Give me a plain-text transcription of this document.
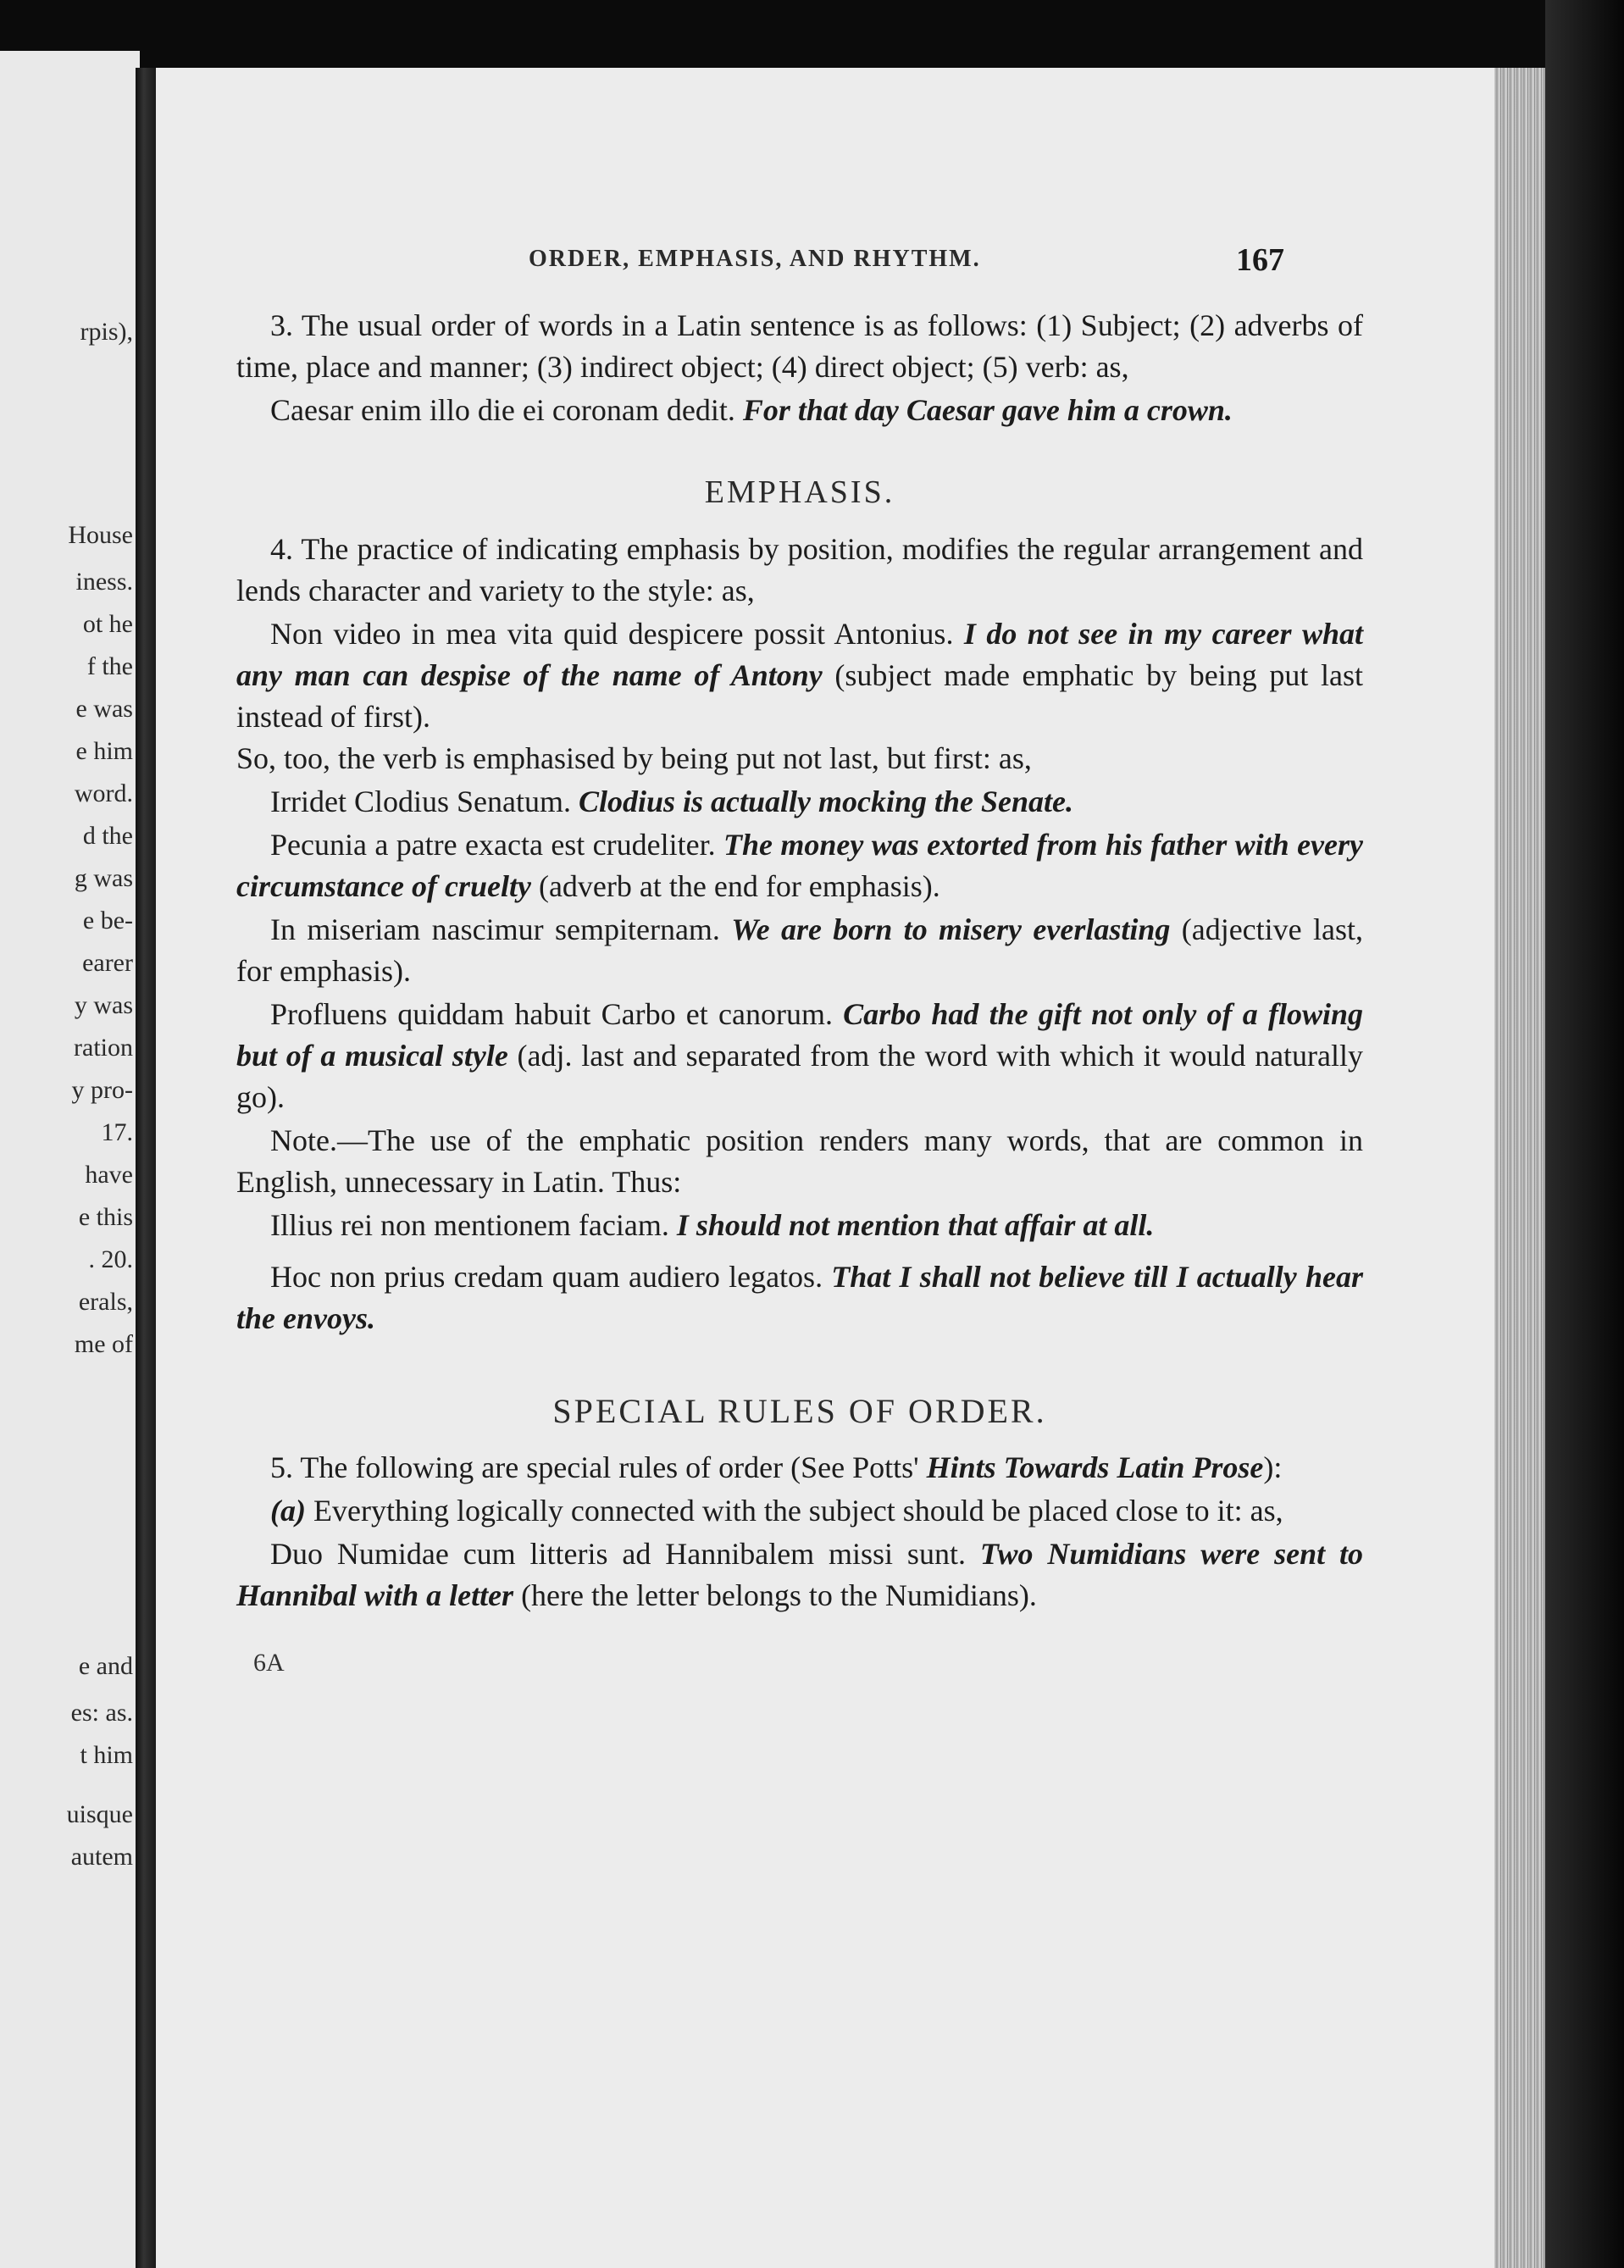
rpis),
House
iness.
ot he
f the
e was
e him
word.
d the
g was
e be-
earer
y was
ration
y pro-
17.
have
e this
. 20.
erals,
me of
e and
es: as.
t him
uisque
autem
ORDER, EMPHASIS, AND RHYTHM.	167

3. The usual order of words in a Latin sentence is as follows: (1) Subject; (2) adverbs of time, place and manner; (3) indirect object; (4) direct object; (5) verb: as,

Caesar enim illo die ei coronam dedit. For that day Caesar gave him a crown.

EMPHASIS.

4. The practice of indicating emphasis by position, modifies the regular arrangement and lends character and variety to the style: as,

Non video in mea vita quid despicere possit Antonius. I do not see in my career what any man can despise of the name of Antony (subject made emphatic by being put last instead of first).

So, too, the verb is emphasised by being put not last, but first: as,

Irridet Clodius Senatum. Clodius is actually mocking the Senate.

Pecunia a patre exacta est crudeliter. The money was extorted from his father with every circumstance of cruelty (adverb at the end for emphasis).

In miseriam nascimur sempiternam. We are born to misery everlasting (adjective last, for emphasis).

Profluens quiddam habuit Carbo et canorum. Carbo had the gift not only of a flowing but of a musical style (adj. last and separated from the word with which it would naturally go).

Note.—The use of the emphatic position renders many words, that are common in English, unnecessary in Latin. Thus:

Illius rei non mentionem faciam. I should not mention that affair at all.

Hoc non prius credam quam audiero legatos. That I shall not believe till I actually hear the envoys.

SPECIAL RULES OF ORDER.

5. The following are special rules of order (See Potts' Hints Towards Latin Prose):

(a) Everything logically connected with the subject should be placed close to it: as,

Duo Numidae cum litteris ad Hannibalem missi sunt. Two Numidians were sent to Hannibal with a letter (here the letter belongs to the Numidians).

6A
